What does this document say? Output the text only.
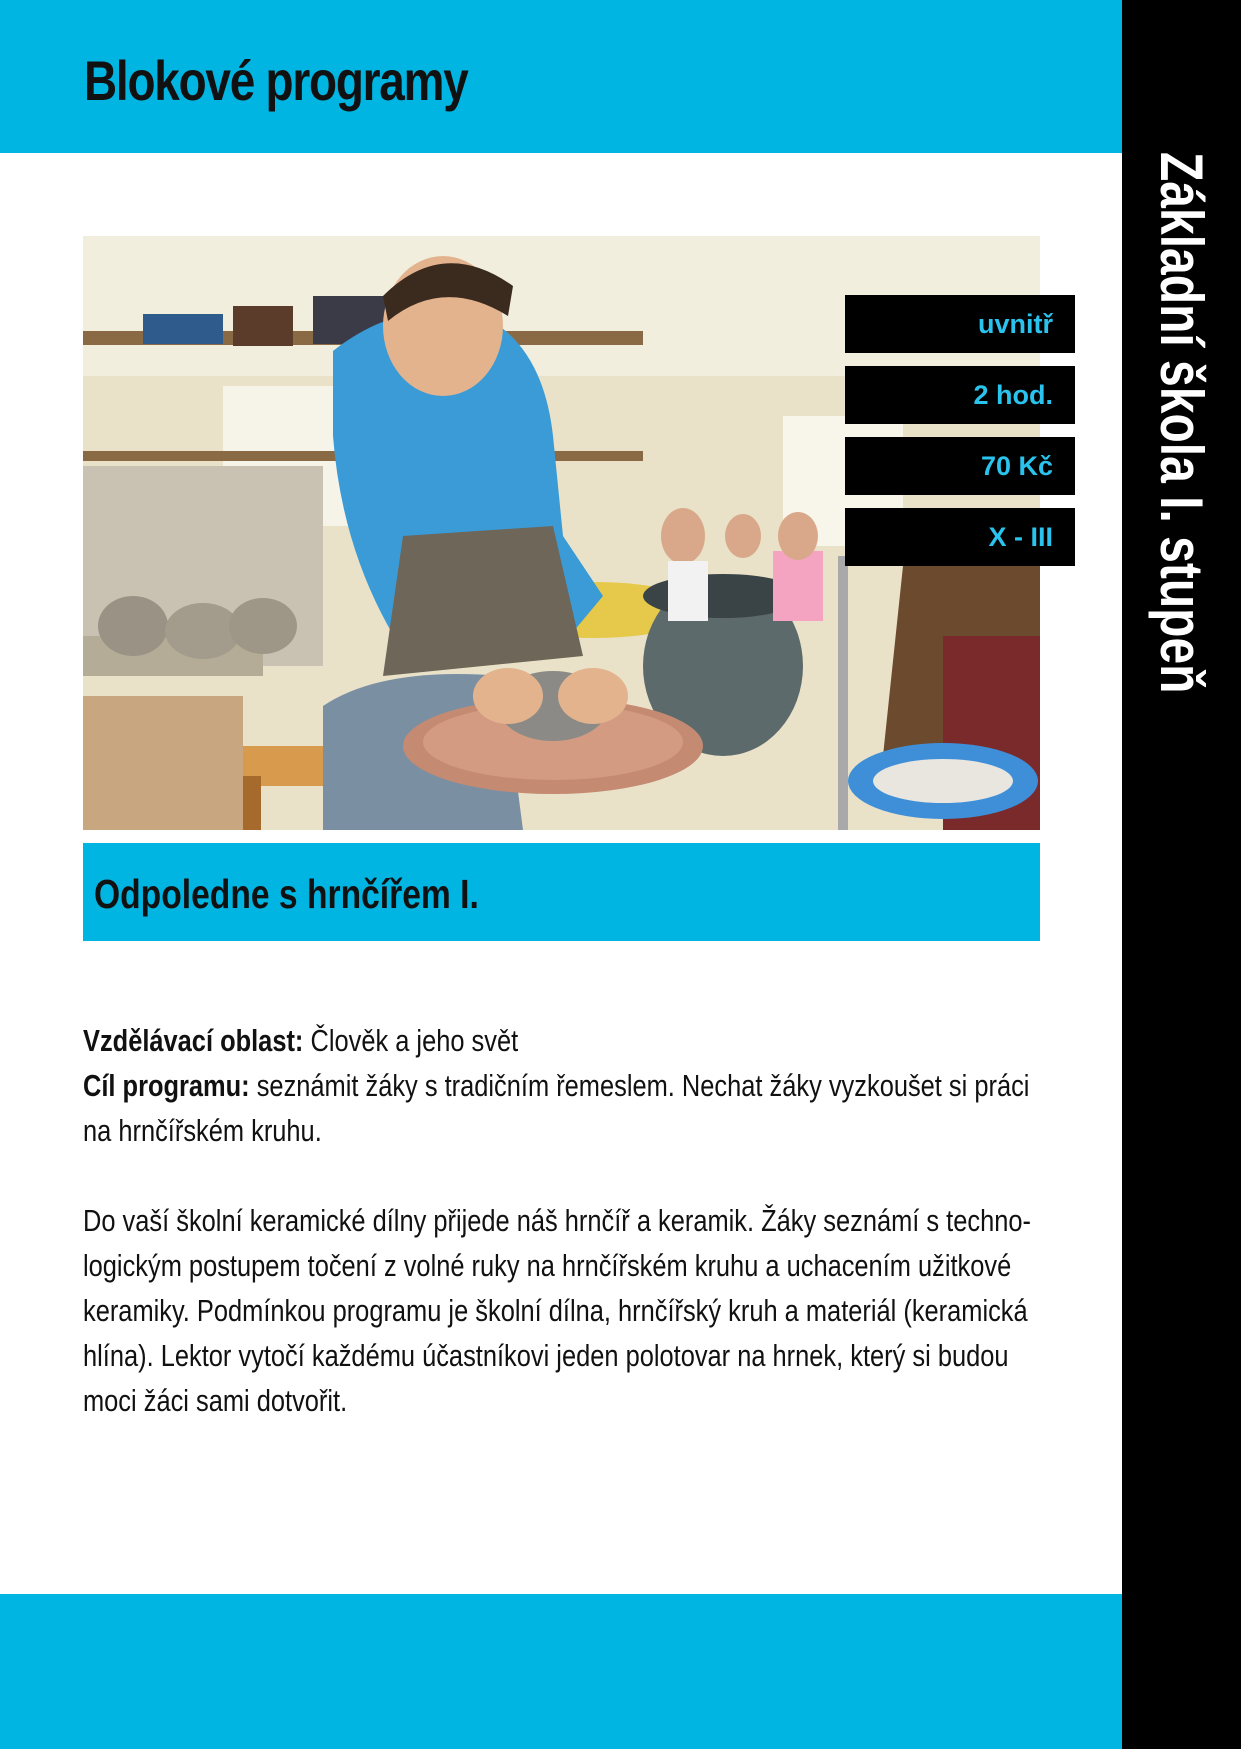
Blokové programy
Základní škola I. stupeň
uvnitř
2 hod.
70 Kč
X - III
Odpoledne s hrnčířem I.

Vzdělávací oblast: Člověk a jeho svět

Cíl programu: seznámit žáky s tradičním řemeslem. Nechat žáky vyzkoušet si práci

na hrnčířském kruhu.

Do vaší školní keramické dílny přijede náš hrnčíř a keramik. Žáky seznámí s techno-

logickým postupem točení z volné ruky na hrnčířském kruhu a uchacením užitkové

keramiky. Podmínkou programu je školní dílna, hrnčířský kruh a materiál (keramická

hlína). Lektor vytočí každému účastníkovi jeden polotovar na hrnek, který si budou

moci žáci sami dotvořit.
